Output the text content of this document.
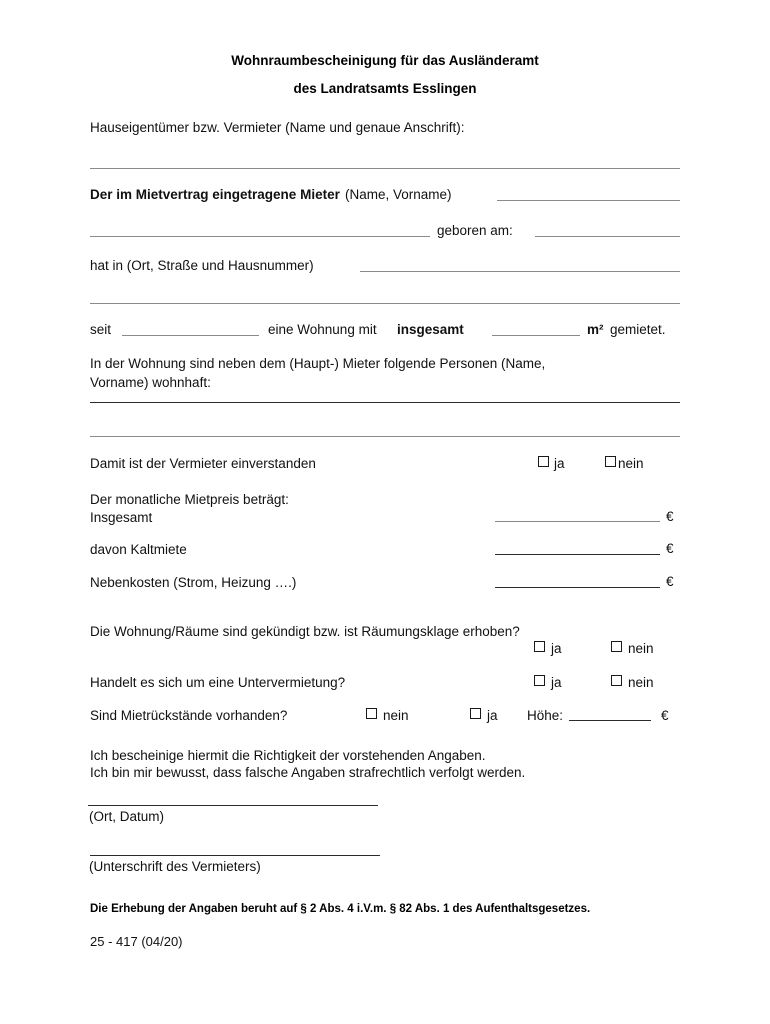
Wohnraumbescheinigung für das Ausländeramt
des Landratsamts Esslingen
Hauseigentümer bzw. Vermieter (Name und genaue Anschrift):
Der im Mietvertrag eingetragene Mieter (Name, Vorname)
geboren am:
hat in (Ort, Straße und Hausnummer)
seit	eine Wohnung mit insgesamt	m² gemietet.
In der Wohnung sind neben dem (Haupt-) Mieter folgende Personen (Name,
Vorname) wohnhaft:
Damit ist der Vermieter einverstanden	ja	nein
Der monatliche Mietpreis beträgt:
Insgesamt	€
davon Kaltmiete	€
Nebenkosten (Strom, Heizung ….)	€
Die Wohnung/Räume sind gekündigt bzw. ist Räumungsklage erhoben?
ja	nein
Handelt es sich um eine Untervermietung?	ja	nein
Sind Mietrückstände vorhanden?	nein	ja Höhe:	€
Ich bescheinige hiermit die Richtigkeit der vorstehenden Angaben.
Ich bin mir bewusst, dass falsche Angaben strafrechtlich verfolgt werden.
(Ort, Datum)
(Unterschrift des Vermieters)
Die Erhebung der Angaben beruht auf § 2 Abs. 4 i.V.m. § 82 Abs. 1 des Aufenthaltsgesetzes.
25 - 417 (04/20)
